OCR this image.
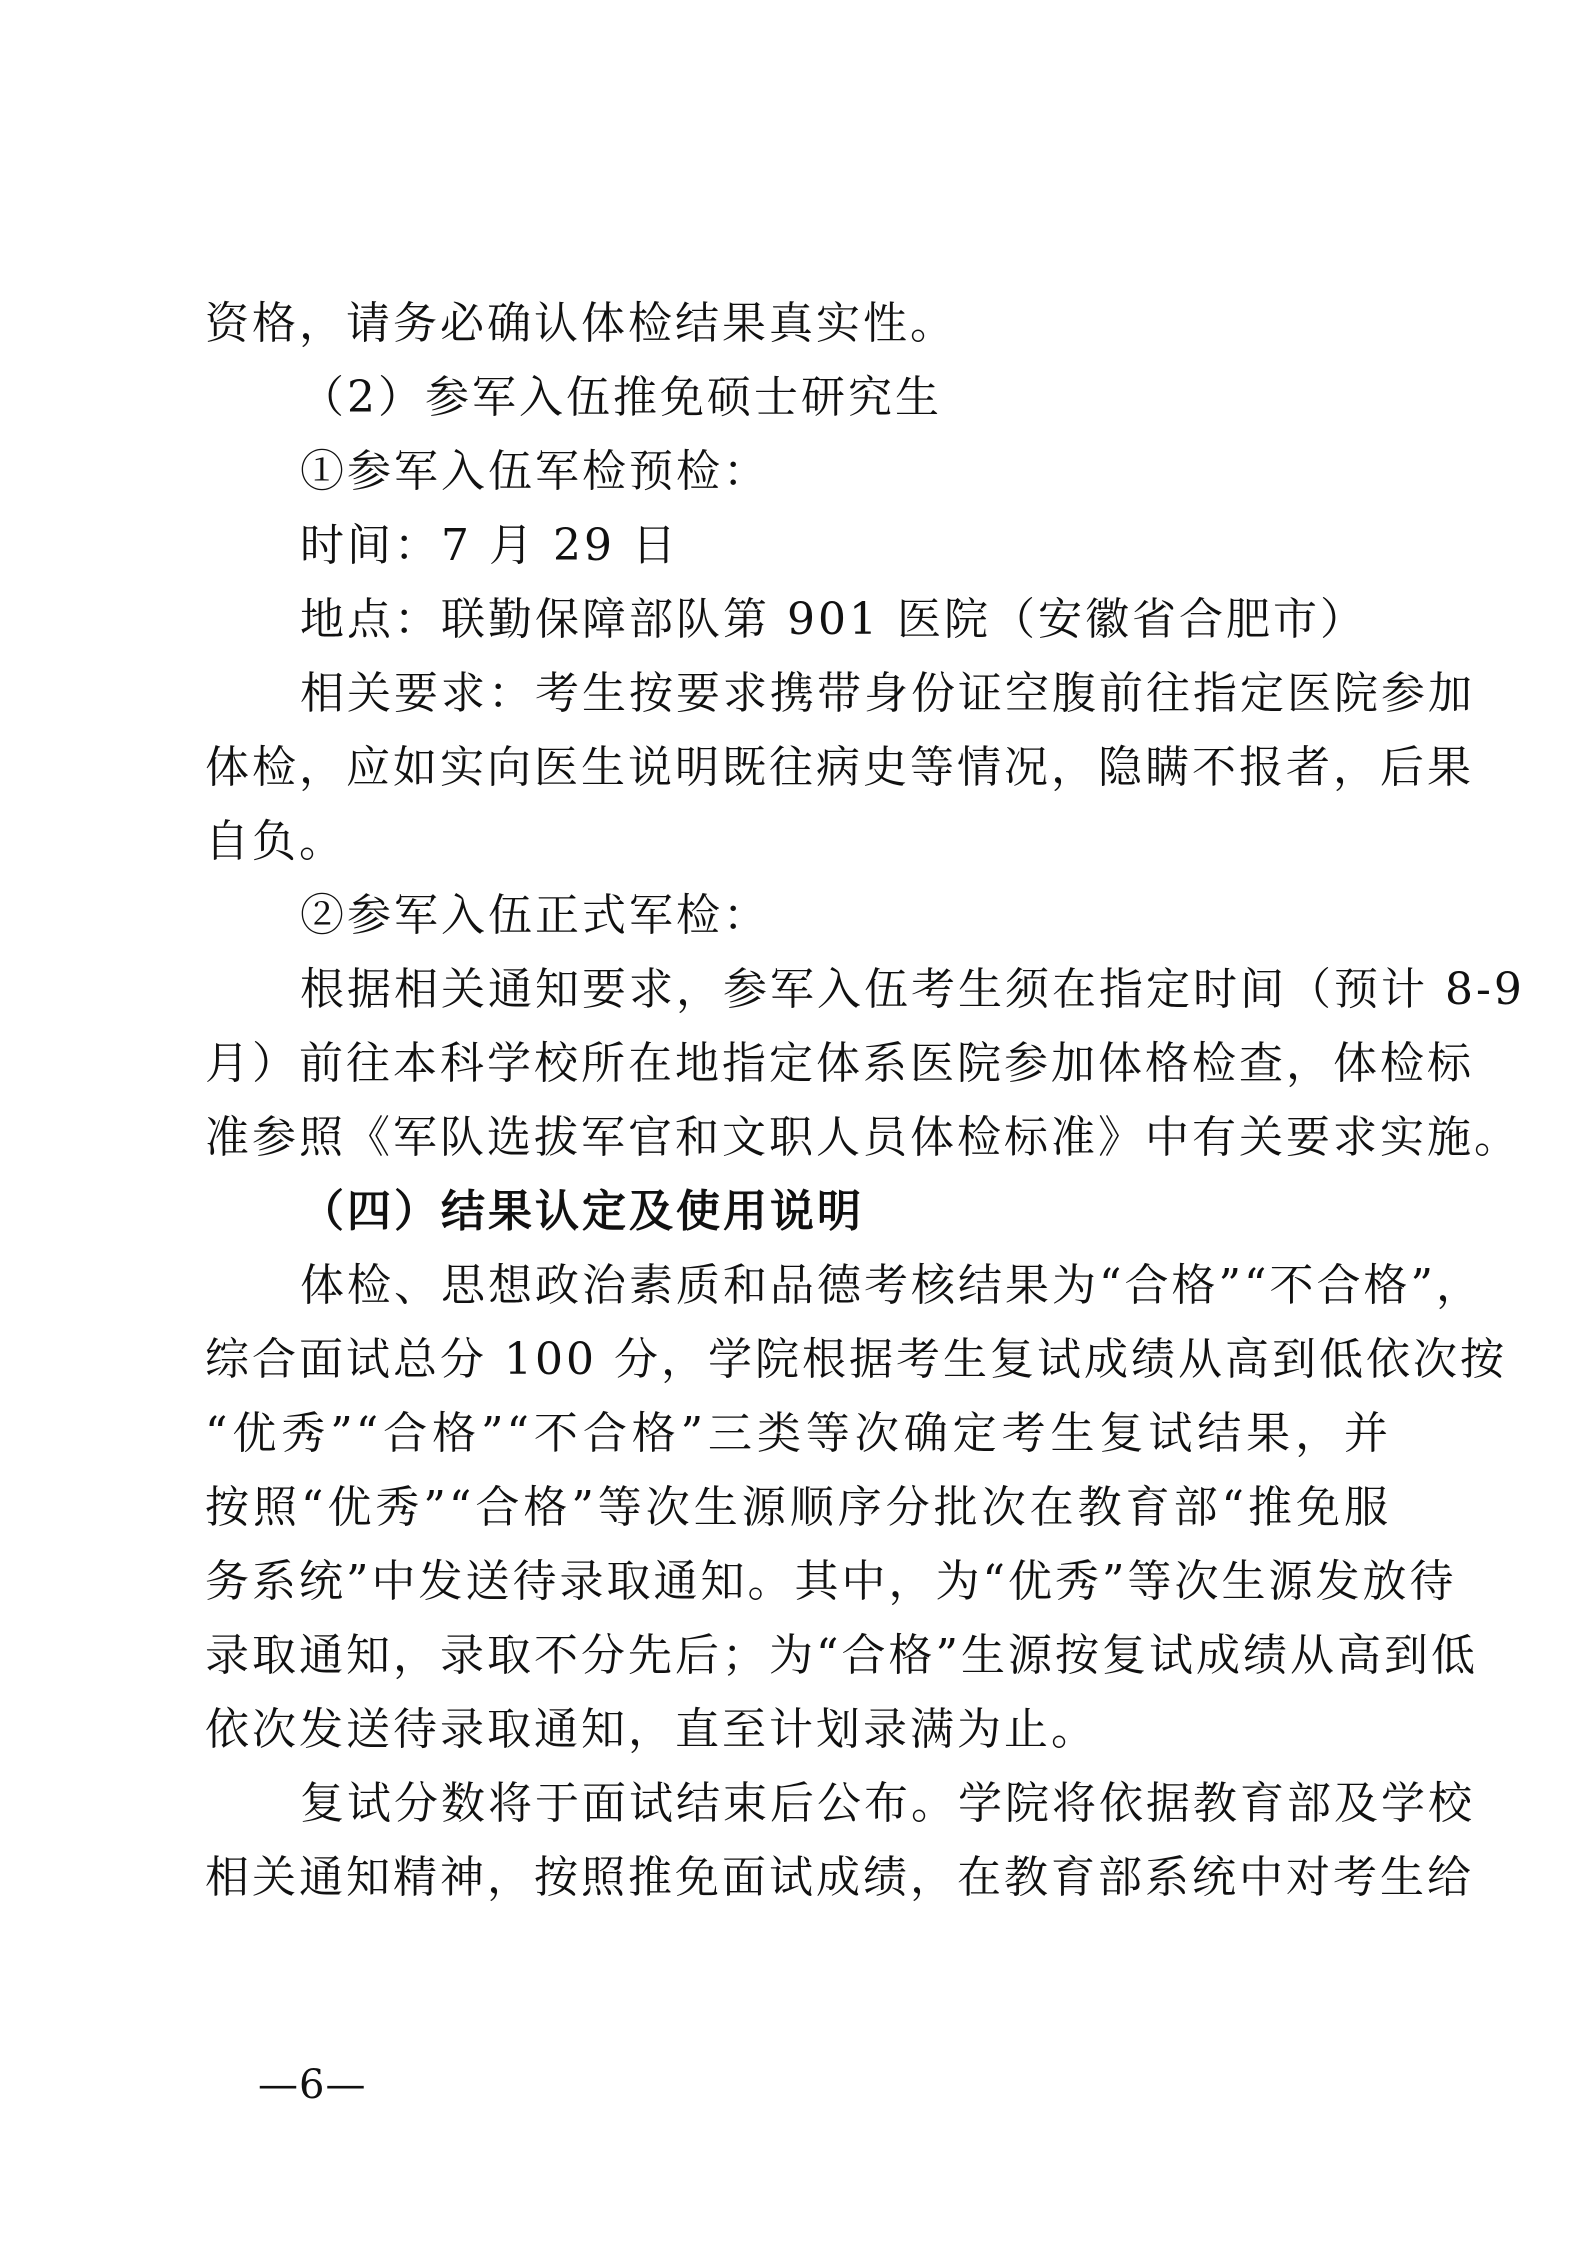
资格，请务必确认体检结果真实性。
（2）参军入伍推免硕士研究生
①参军入伍军检预检：
时间：7 月 29 日
地点：联勤保障部队第 901 医院（安徽省合肥市）
相关要求：考生按要求携带身份证空腹前往指定医院参加
体检，应如实向医生说明既往病史等情况，隐瞒不报者，后果
自负。
②参军入伍正式军检：
根据相关通知要求，参军入伍考生须在指定时间（预计 8-9
月）前往本科学校所在地指定体系医院参加体格检查，体检标
准参照《军队选拔军官和文职人员体检标准》中有关要求实施。
（四）结果认定及使用说明
体检、思想政治素质和品德考核结果为“合格”“不合格”，
综合面试总分 100 分，学院根据考生复试成绩从高到低依次按
“优秀”“合格”“不合格”三类等次确定考生复试结果，并
按照“优秀”“合格”等次生源顺序分批次在教育部“推免服
务系统”中发送待录取通知。其中，为“优秀”等次生源发放待
录取通知，录取不分先后；为“合格”生源按复试成绩从高到低
依次发送待录取通知，直至计划录满为止。
复试分数将于面试结束后公布。学院将依据教育部及学校
相关通知精神，按照推免面试成绩，在教育部系统中对考生给
—6—
